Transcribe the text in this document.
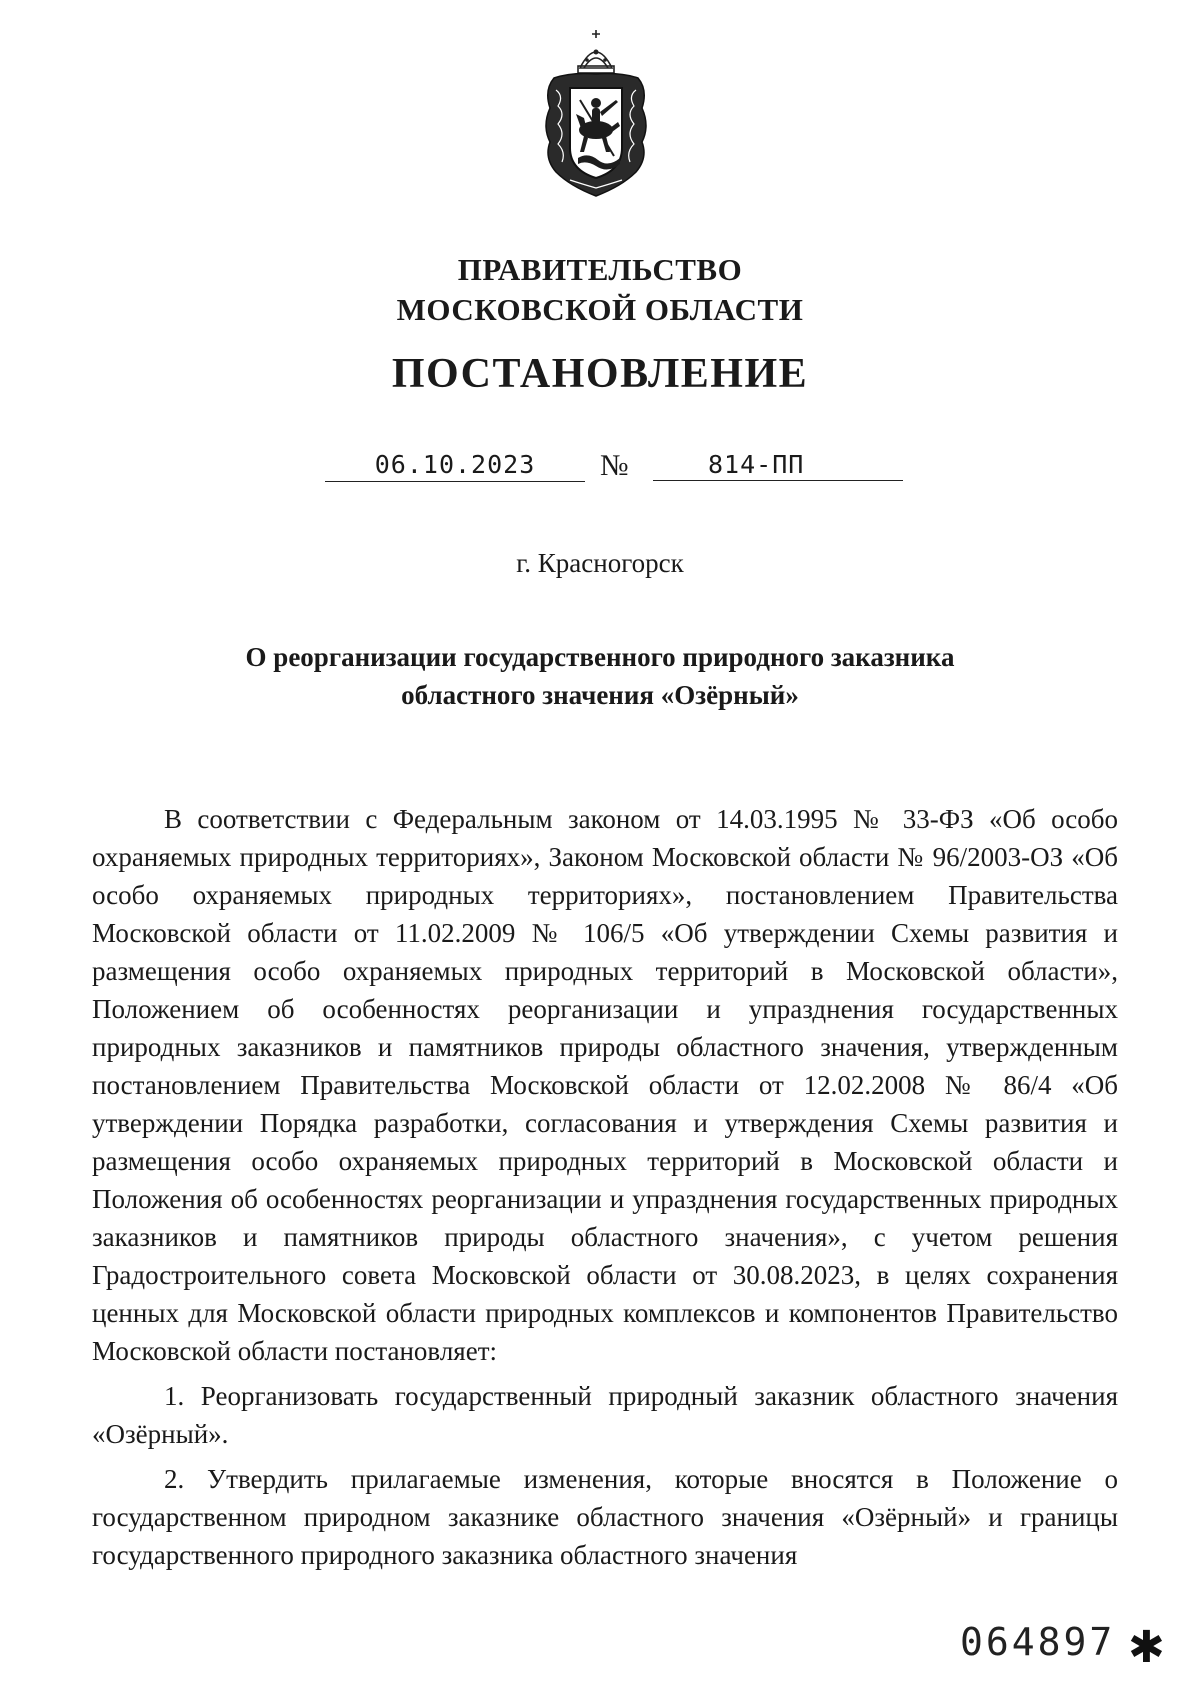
ПРАВИТЕЛЬСТВО
МОСКОВСКОЙ ОБЛАСТИ
ПОСТАНОВЛЕНИЕ
06.10.2023	№	814-ПП
г. Красногорск
О реорганизации государственного природного заказника
областного значения «Озёрный»

В соответствии с Федеральным законом от 14.03.1995 № 33-ФЗ «Об особо охраняемых природных территориях», Законом Московской области № 96/2003-ОЗ «Об особо охраняемых природных территориях», постановлением Правительства Московской области от 11.02.2009 № 106/5 «Об утверждении Схемы развития и размещения особо охраняемых природных территорий в Московской области», Положением об особенностях реорганизации и упразднения государственных природных заказников и памятников природы областного значения, утвержденным постановлением Правительства Московской области от 12.02.2008 № 86/4 «Об утверждении Порядка разработки, согласования и утверждения Схемы развития и размещения особо охраняемых природных территорий в Московской области и Положения об особенностях реорганизации и упразднения государственных природных заказников и памятников природы областного значения», с учетом решения Градостроительного совета Московской области от 30.08.2023, в целях сохранения ценных для Московской области природных комплексов и компонентов Правительство Московской области постановляет:

1. Реорганизовать государственный природный заказник областного значения «Озёрный».

2. Утвердить прилагаемые изменения, которые вносятся в Положение о государственном природном заказнике областного значения «Озёрный» и границы государственного природного заказника областного значения

064897 ✱
